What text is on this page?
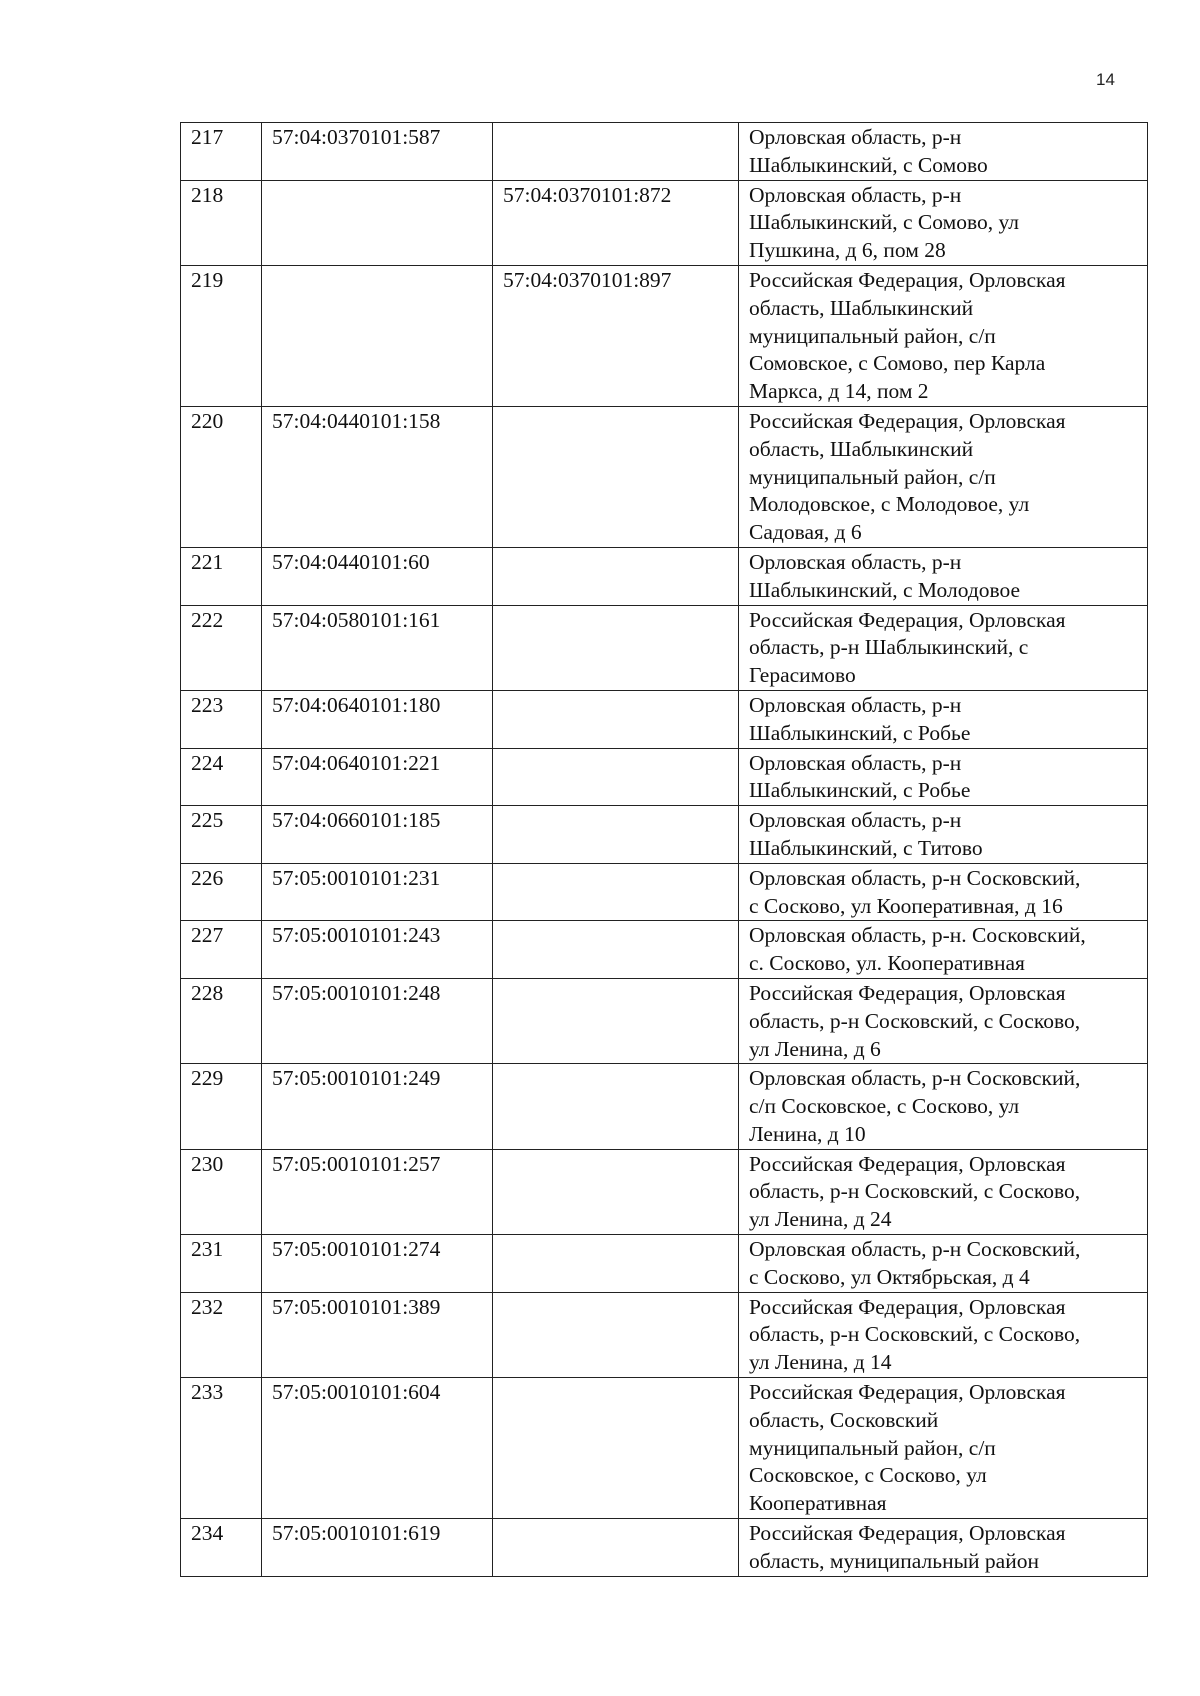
14
217	57:04:0370101:587		Орловская область, р-н
Шаблыкинский, с Сомово

218		57:04:0370101:872	Орловская область, р-н
Шаблыкинский, с Сомово, ул
Пушкина, д 6, пом 28

219		57:04:0370101:897	Российская Федерация, Орловская
область, Шаблыкинский
муниципальный район, с/п
Сомовское, с Сомово, пер Карла
Маркса, д 14, пом 2

220	57:04:0440101:158		Российская Федерация, Орловская
область, Шаблыкинский
муниципальный район, с/п
Молодовское, с Молодовое, ул
Садовая, д 6

221	57:04:0440101:60		Орловская область, р-н
Шаблыкинский, с Молодовое

222	57:04:0580101:161		Российская Федерация, Орловская
область, р-н Шаблыкинский, с
Герасимово

223	57:04:0640101:180		Орловская область, р-н
Шаблыкинский, с Робье

224	57:04:0640101:221		Орловская область, р-н
Шаблыкинский, с Робье

225	57:04:0660101:185		Орловская область, р-н
Шаблыкинский, с Титово

226	57:05:0010101:231		Орловская область, р-н Сосковский,
с Сосково, ул Кооперативная, д 16

227	57:05:0010101:243		Орловская область, р-н. Сосковский,
с. Сосково, ул. Кооперативная

228	57:05:0010101:248		Российская Федерация, Орловская
область, р-н Сосковский, с Сосково,
ул Ленина, д 6

229	57:05:0010101:249		Орловская область, р-н Сосковский,
с/п Сосковское, с Сосково, ул
Ленина, д 10

230	57:05:0010101:257		Российская Федерация, Орловская
область, р-н Сосковский, с Сосково,
ул Ленина, д 24

231	57:05:0010101:274		Орловская область, р-н Сосковский,
с Сосково, ул Октябрьская, д 4

232	57:05:0010101:389		Российская Федерация, Орловская
область, р-н Сосковский, с Сосково,
ул Ленина, д 14

233	57:05:0010101:604		Российская Федерация, Орловская
область, Сосковский
муниципальный район, с/п
Сосковское, с Сосково, ул
Кооперативная

234	57:05:0010101:619		Российская Федерация, Орловская
область, муниципальный район
